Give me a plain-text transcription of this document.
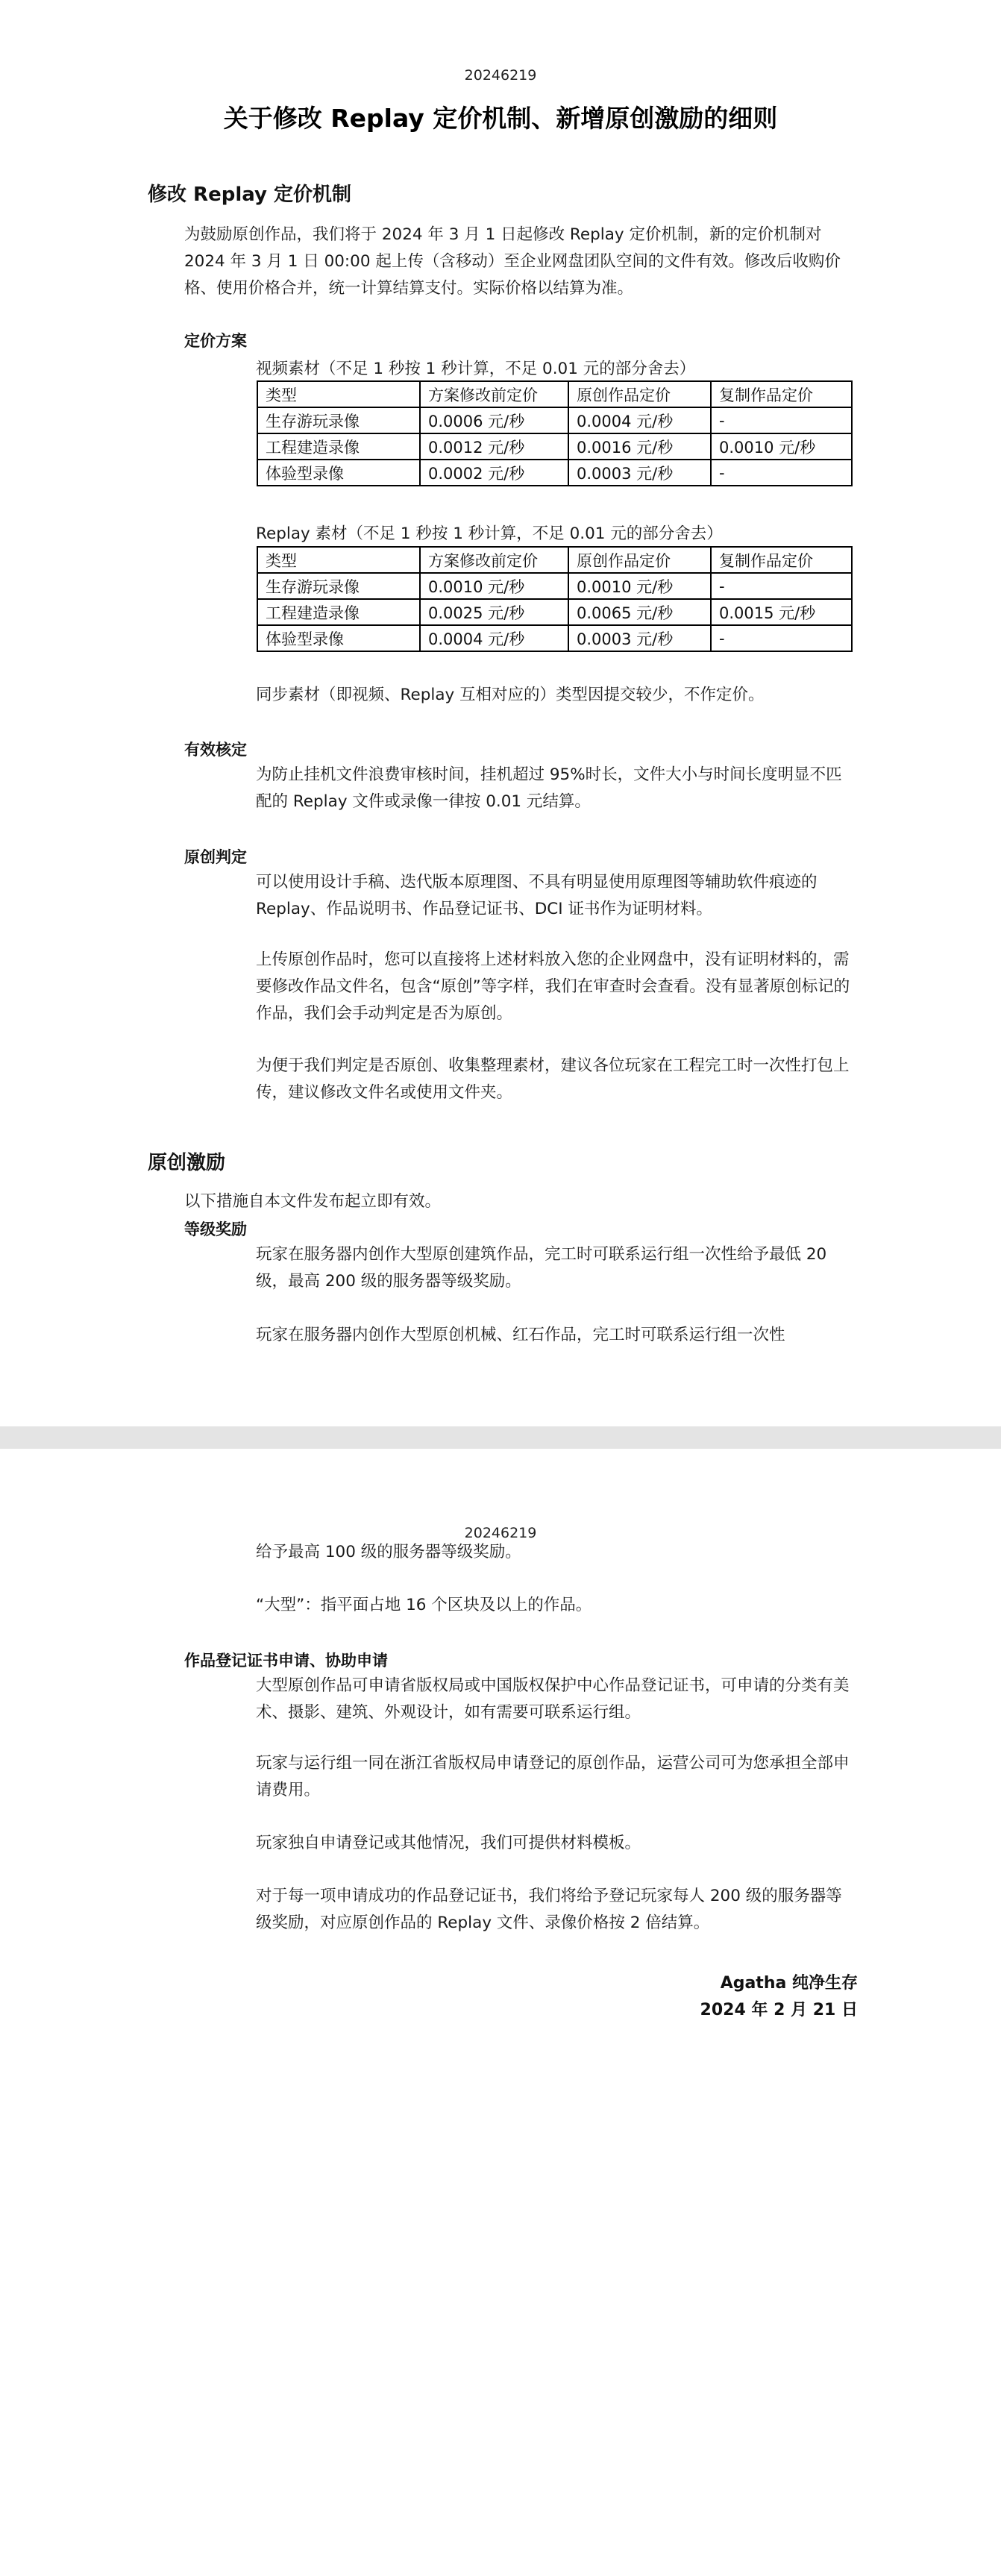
20246219
关于修改 Replay 定价机制、新增原创激励的细则
修改 Replay 定价机制
为鼓励原创作品，我们将于 2024 年 3 月 1 日起修改 Replay 定价机制，新的定价机制对 2024 年 3 月 1 日 00:00 起上传（含移动）至企业网盘团队空间的文件有效。修改后收购价格、使用价格合并，统一计算结算支付。实际价格以结算为准。
定价方案
视频素材（不足 1 秒按 1 秒计算，不足 0.01 元的部分舍去）
类型	方案修改前定价	原创作品定价	复制作品定价
生存游玩录像	0.0006 元/秒	0.0004 元/秒	-
工程建造录像	0.0012 元/秒	0.0016 元/秒	0.0010 元/秒
体验型录像	0.0002 元/秒	0.0003 元/秒	-
Replay 素材（不足 1 秒按 1 秒计算，不足 0.01 元的部分舍去）
类型	方案修改前定价	原创作品定价	复制作品定价
生存游玩录像	0.0010 元/秒	0.0010 元/秒	-
工程建造录像	0.0025 元/秒	0.0065 元/秒	0.0015 元/秒
体验型录像	0.0004 元/秒	0.0003 元/秒	-
同步素材（即视频、Replay 互相对应的）类型因提交较少，不作定价。
有效核定
为防止挂机文件浪费审核时间，挂机超过 95%时长，文件大小与时间长度明显不匹配的 Replay 文件或录像一律按 0.01 元结算。
原创判定
可以使用设计手稿、迭代版本原理图、不具有明显使用原理图等辅助软件痕迹的 Replay、作品说明书、作品登记证书、DCI 证书作为证明材料。
上传原创作品时，您可以直接将上述材料放入您的企业网盘中，没有证明材料的，需要修改作品文件名，包含“原创”等字样，我们在审查时会查看。没有显著原创标记的作品，我们会手动判定是否为原创。
为便于我们判定是否原创、收集整理素材，建议各位玩家在工程完工时一次性打包上传，建议修改文件名或使用文件夹。
原创激励
以下措施自本文件发布起立即有效。
等级奖励
玩家在服务器内创作大型原创建筑作品，完工时可联系运行组一次性给予最低 20 级，最高 200 级的服务器等级奖励。
玩家在服务器内创作大型原创机械、红石作品，完工时可联系运行组一次性
20246219
给予最高 100 级的服务器等级奖励。
“大型”：指平面占地 16 个区块及以上的作品。
作品登记证书申请、协助申请
大型原创作品可申请省版权局或中国版权保护中心作品登记证书，可申请的分类有美术、摄影、建筑、外观设计，如有需要可联系运行组。
玩家与运行组一同在浙江省版权局申请登记的原创作品，运营公司可为您承担全部申请费用。
玩家独自申请登记或其他情况，我们可提供材料模板。
对于每一项申请成功的作品登记证书，我们将给予登记玩家每人 200 级的服务器等级奖励，对应原创作品的 Replay 文件、录像价格按 2 倍结算。
Agatha 纯净生存
2024 年 2 月 21 日
